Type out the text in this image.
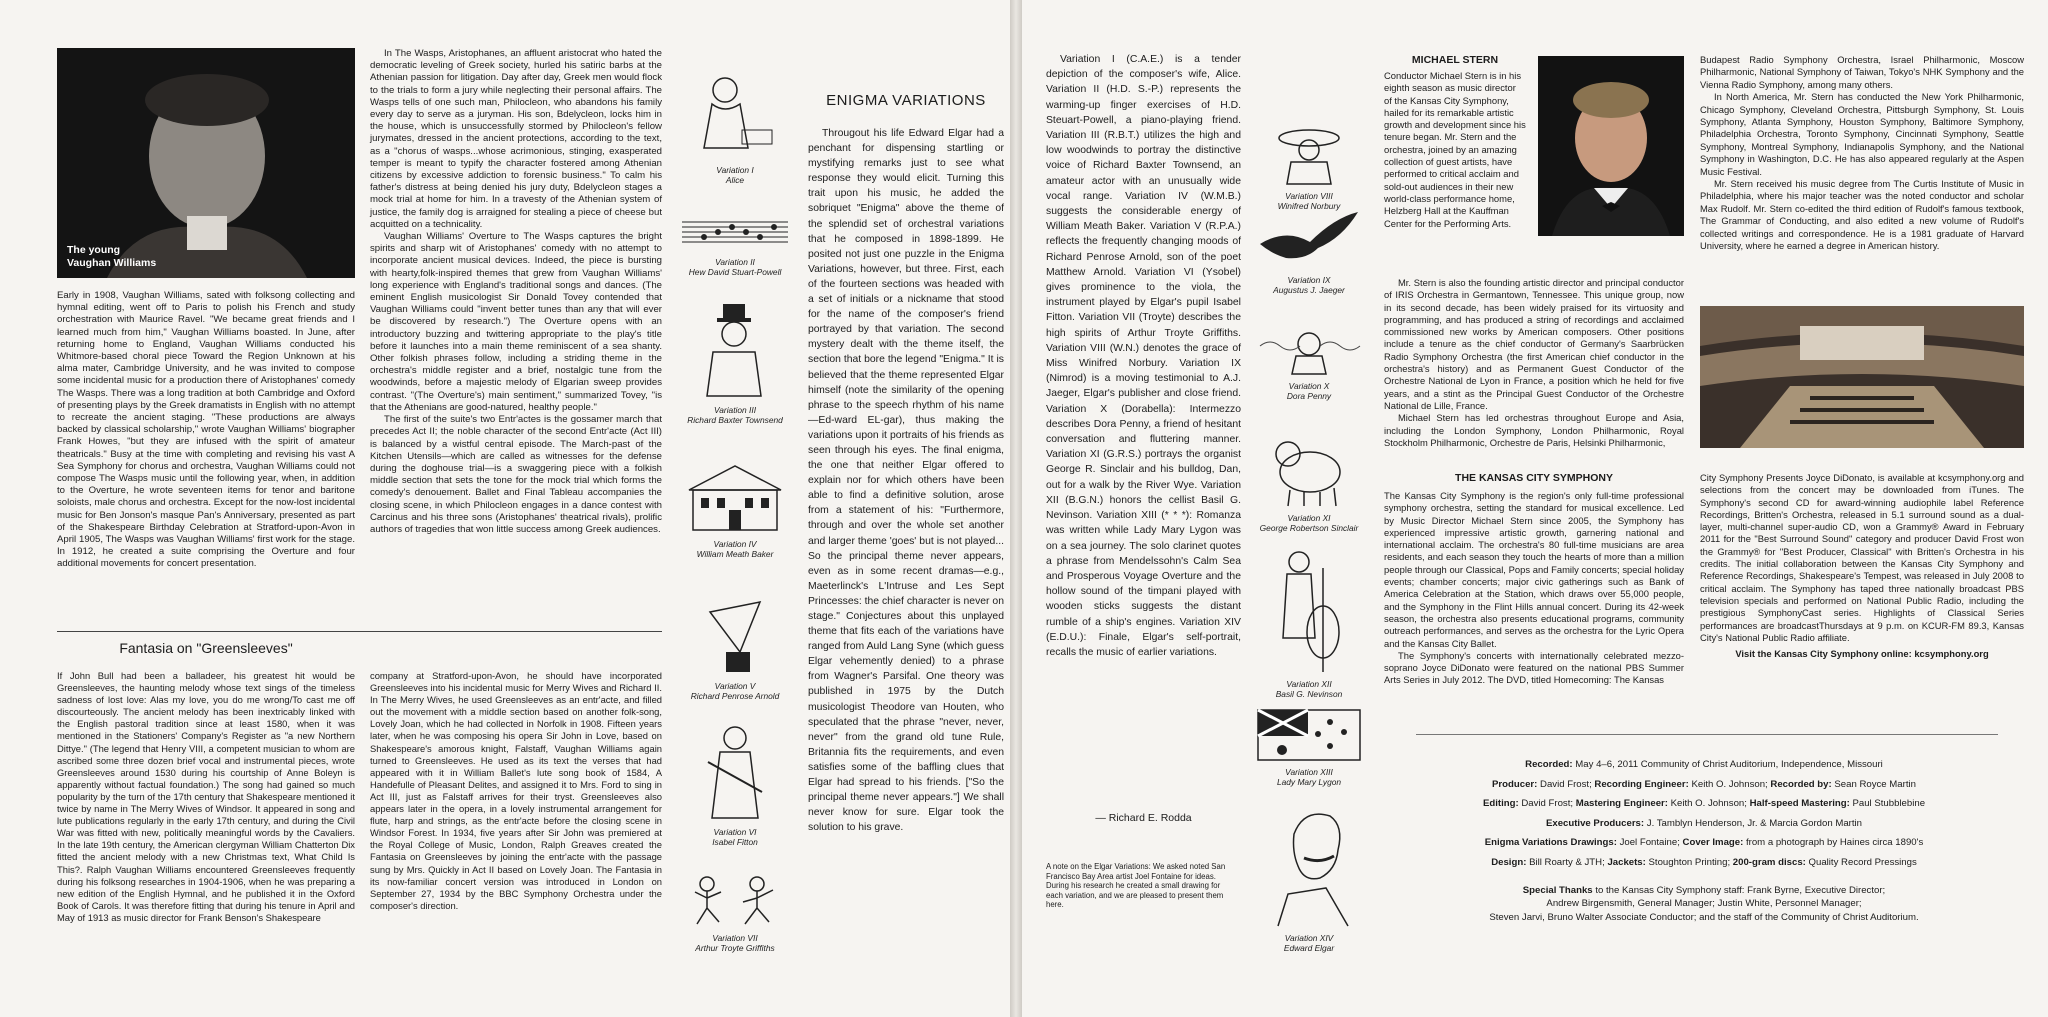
The young
Vaughan Williams

Early in 1908, Vaughan Williams, sated with folksong collecting and hymnal editing, went off to Paris to polish his French and study orchestration with Maurice Ravel. "We became great friends and I learned much from him," Vaughan Williams boasted. In June, after returning home to England, Vaughan Williams conducted his Whitmore-based choral piece Toward the Region Unknown at his alma mater, Cambridge University, and he was invited to compose some incidental music for a production there of Aristophanes' comedy The Wasps. There was a long tradition at both Cambridge and Oxford of presenting plays by the Greek dramatists in English with no attempt to recreate the ancient staging. "These productions are always backed by classical scholarship," wrote Vaughan Williams' biographer Frank Howes, "but they are infused with the spirit of amateur theatricals." Busy at the time with completing and revising his vast A Sea Symphony for chorus and orchestra, Vaughan Williams could not compose The Wasps music until the following year, when, in addition to the Overture, he wrote seventeen items for tenor and baritone soloists, male chorus and orchestra. Except for the now-lost incidental music for Ben Jonson's masque Pan's Anniversary, presented as part of the Shakespeare Birthday Celebration at Stratford-upon-Avon in April 1905, The Wasps was Vaughan Williams' first work for the stage. In 1912, he created a suite comprising the Overture and four additional movements for concert presentation.

In The Wasps, Aristophanes, an affluent aristocrat who hated the democratic leveling of Greek society, hurled his satiric barbs at the Athenian passion for litigation. Day after day, Greek men would flock to the trials to form a jury while neglecting their personal affairs. The Wasps tells of one such man, Philocleon, who abandons his family every day to serve as a juryman. His son, Bdelycleon, locks him in the house, which is unsuccessfully stormed by Philocleon's fellow jurymates, dressed in the ancient protections, according to the text, as a "chorus of wasps...whose acrimonious, stinging, exasperated temper is meant to typify the character fostered among Athenian citizens by excessive addiction to forensic business." To calm his father's distress at being denied his jury duty, Bdelycleon stages a mock trial at home for him. In a travesty of the Athenian system of justice, the family dog is arraigned for stealing a piece of cheese but acquitted on a technicality.

Vaughan Williams' Overture to The Wasps captures the bright spirits and sharp wit of Aristophanes' comedy with no attempt to incorporate ancient musical devices. Indeed, the piece is bursting with hearty,folk-inspired themes that grew from Vaughan Williams' long experience with England's traditional songs and dances. (The eminent English musicologist Sir Donald Tovey contended that Vaughan Williams could "invent better tunes than any that will ever be discovered by research.") The Overture opens with an introductory buzzing and twittering appropriate to the play's title before it launches into a main theme reminiscent of a sea shanty. Other folkish phrases follow, including a striding theme in the orchestra's middle register and a brief, nostalgic tune from the woodwinds, before a majestic melody of Elgarian sweep provides contrast. "(The Overture's) main sentiment," summarized Tovey, "is that the Athenians are good-natured, healthy people."

The first of the suite's two Entr'actes is the gossamer march that precedes Act II; the noble character of the second Entr'acte (Act III) is balanced by a wistful central episode. The March-past of the Kitchen Utensils—which are called as witnesses for the defense during the doghouse trial—is a swaggering piece with a folkish middle section that sets the tone for the mock trial which forms the comedy's denouement. Ballet and Final Tableau accompanies the closing scene, in which Philocleon engages in a dance contest with Carcinus and his three sons (Aristophanes' theatrical rivals), prolific authors of tragedies that won little success among Greek audiences.

Fantasia on "Greensleeves"

If John Bull had been a balladeer, his greatest hit would be Greensleeves, the haunting melody whose text sings of the timeless sadness of lost love: Alas my love, you do me wrong/To cast me off discourteously. The ancient melody has been inextricably linked with the English pastoral tradition since at least 1580, when it was mentioned in the Stationers' Company's Register as "a new Northern Dittye." (The legend that Henry VIII, a competent musician to whom are ascribed some three dozen brief vocal and instrumental pieces, wrote Greensleeves around 1530 during his courtship of Anne Boleyn is apparently without factual foundation.) The song had gained so much popularity by the turn of the 17th century that Shakespeare mentioned it twice by name in The Merry Wives of Windsor. It appeared in song and lute publications regularly in the early 17th century, and during the Civil War was fitted with new, politically meaningful words by the Cavaliers. In the late 19th century, the American clergyman William Chatterton Dix fitted the ancient melody with a new Christmas text, What Child Is This?. Ralph Vaughan Williams encountered Greensleeves frequently during his folksong researches in 1904-1906, when he was preparing a new edition of the English Hymnal, and he published it in the Oxford Book of Carols. It was therefore fitting that during his tenure in April and May of 1913 as music director for Frank Benson's Shakespeare

company at Stratford-upon-Avon, he should have incorporated Greensleeves into his incidental music for Merry Wives and Richard II. In The Merry Wives, he used Greensleeves as an entr'acte, and filled out the movement with a middle section based on another folk-song, Lovely Joan, which he had collected in Norfolk in 1908. Fifteen years later, when he was composing his opera Sir John in Love, based on Shakespeare's amorous knight, Falstaff, Vaughan Williams again turned to Greensleeves. He used as its text the verses that had appeared with it in William Ballet's lute song book of 1584, A Handefulle of Pleasant Delites, and assigned it to Mrs. Ford to sing in Act III, just as Falstaff arrives for their tryst. Greensleeves also appears later in the opera, in a lovely instrumental arrangement for flute, harp and strings, as the entr'acte before the closing scene in Windsor Forest. In 1934, five years after Sir John was premiered at the Royal College of Music, London, Ralph Greaves created the Fantasia on Greensleeves by joining the entr'acte with the passage sung by Mrs. Quickly in Act II based on Lovely Joan. The Fantasia in its now-familiar concert version was introduced in London on September 27, 1934 by the BBC Symphony Orchestra under the composer's direction.

Variation I
Alice
Variation II
Hew David Stuart-Powell
Variation III
Richard Baxter Townsend
Variation IV
William Meath Baker
Variation V
Richard Penrose Arnold
Variation VI
Isabel Fitton
Variation VII
Arthur Troyte Griffiths
ENIGMA VARIATIONS

Througout his life Edward Elgar had a penchant for dispensing startling or mystifying remarks just to see what response they would elicit. Turning this trait upon his music, he added the sobriquet "Enigma" above the theme of the splendid set of orchestral variations that he composed in 1898-1899. He posited not just one puzzle in the Enigma Variations, however, but three. First, each of the fourteen sections was headed with a set of initials or a nickname that stood for the name of the composer's friend portrayed by that variation. The second mystery dealt with the theme itself, the section that bore the legend "Enigma." It is believed that the theme represented Elgar himself (note the similarity of the opening phrase to the speech rhythm of his name—Ed-ward EL-gar), thus making the variations upon it portraits of his friends as seen through his eyes. The final enigma, the one that neither Elgar offered to explain nor for which others have been able to find a definitive solution, arose from a statement of his: "Furthermore, through and over the whole set another and larger theme 'goes' but is not played... So the principal theme never appears, even as in some recent dramas—e.g., Maeterlinck's L'Intruse and Les Sept Princesses: the chief character is never on stage." Conjectures about this unplayed theme that fits each of the variations have ranged from Auld Lang Syne (which guess Elgar vehemently denied) to a phrase from Wagner's Parsifal. One theory was published in 1975 by the Dutch musicologist Theodore van Houten, who speculated that the phrase "never, never, never" from the grand old tune Rule, Britannia fits the requirements, and even satisfies some of the baffling clues that Elgar had spread to his friends. ["So the principal theme never appears."] We shall never know for sure. Elgar took the solution to his grave.

Variation I (C.A.E.) is a tender depiction of the composer's wife, Alice. Variation II (H.D. S.-P.) represents the warming-up finger exercises of H.D. Steuart-Powell, a piano-playing friend. Variation III (R.B.T.) utilizes the high and low woodwinds to portray the distinctive voice of Richard Baxter Townsend, an amateur actor with an unusually wide vocal range. Variation IV (W.M.B.) suggests the considerable energy of William Meath Baker. Variation V (R.P.A.) reflects the frequently changing moods of Richard Penrose Arnold, son of the poet Matthew Arnold. Variation VI (Ysobel) gives prominence to the viola, the instrument played by Elgar's pupil Isabel Fitton. Variation VII (Troyte) describes the high spirits of Arthur Troyte Griffiths. Variation VIII (W.N.) denotes the grace of Miss Winifred Norbury. Variation IX (Nimrod) is a moving testimonial to A.J. Jaeger, Elgar's publisher and close friend. Variation X (Dorabella): Intermezzo describes Dora Penny, a friend of hesitant conversation and fluttering manner. Variation XI (G.R.S.) portrays the organist George R. Sinclair and his bulldog, Dan, out for a walk by the River Wye. Variation XII (B.G.N.) honors the cellist Basil G. Nevinson. Variation XIII (* * *): Romanza was written while Lady Mary Lygon was on a sea journey. The solo clarinet quotes a phrase from Mendelssohn's Calm Sea and Prosperous Voyage Overture and the hollow sound of the timpani played with wooden sticks suggests the distant rumble of a ship's engines. Variation XIV (E.D.U.): Finale, Elgar's self-portrait, recalls the music of earlier variations.

— Richard E. Rodda
A note on the Elgar Variations: We asked noted San Francisco Bay Area artist Joel Fontaine for ideas. During his research he created a small drawing for each variation, and we are pleased to present them here.
Variation VIII
Winifred Norbury
Variation IX
Augustus J. Jaeger
Variation X
Dora Penny
Variation XI
George Robertson Sinclair
Variation XII
Basil G. Nevinson
Variation XIII
Lady Mary Lygon
Variation XIV
Edward Elgar
MICHAEL STERN

Conductor Michael Stern is in his eighth season as music director of the Kansas City Symphony, hailed for its remarkable artistic growth and development since his tenure began. Mr. Stern and the orchestra, joined by an amazing collection of guest artists, have performed to critical acclaim and sold-out audiences in their new world-class performance home, Helzberg Hall at the Kauffman Center for the Performing Arts.

Mr. Stern is also the founding artistic director and principal conductor of IRIS Orchestra in Germantown, Tennessee. This unique group, now in its second decade, has been widely praised for its virtuosity and programming, and has produced a string of recordings and acclaimed commissioned new works by American composers. Other positions include a tenure as the chief conductor of Germany's Saarbrücken Radio Symphony Orchestra (the first American chief conductor in the orchestra's history) and as Permanent Guest Conductor of the Orchestre National de Lyon in France, a position which he held for five years, and a stint as the Principal Guest Conductor of the Orchestre National de Lille, France.

Michael Stern has led orchestras throughout Europe and Asia, including the London Symphony, London Philharmonic, Royal Stockholm Philharmonic, Orchestre de Paris, Helsinki Philharmonic,

Budapest Radio Symphony Orchestra, Israel Philharmonic, Moscow Philharmonic, National Symphony of Taiwan, Tokyo's NHK Symphony and the Vienna Radio Symphony, among many others.

In North America, Mr. Stern has conducted the New York Philharmonic, Chicago Symphony, Cleveland Orchestra, Pittsburgh Symphony, St. Louis Symphony, Atlanta Symphony, Houston Symphony, Baltimore Symphony, Philadelphia Orchestra, Toronto Symphony, Cincinnati Symphony, Seattle Symphony, Montreal Symphony, Indianapolis Symphony, and the National Symphony in Washington, D.C. He has also appeared regularly at the Aspen Music Festival.

Mr. Stern received his music degree from The Curtis Institute of Music in Philadelphia, where his major teacher was the noted conductor and scholar Max Rudolf. Mr. Stern co-edited the third edition of Rudolf's famous textbook, The Grammar of Conducting, and also edited a new volume of Rudolf's collected writings and correspondence. He is a 1981 graduate of Harvard University, where he earned a degree in American history.

THE KANSAS CITY SYMPHONY

The Kansas City Symphony is the region's only full-time professional symphony orchestra, setting the standard for musical excellence. Led by Music Director Michael Stern since 2005, the Symphony has experienced impressive artistic growth, garnering national and international acclaim. The orchestra's 80 full-time musicians are area residents, and each season they touch the hearts of more than a million people through our Classical, Pops and Family concerts; special holiday events; chamber concerts; major civic gatherings such as Bank of America Celebration at the Station, which draws over 55,000 people, and the Symphony in the Flint Hills annual concert. During its 42-week season, the orchestra also presents educational programs, community outreach performances, and serves as the orchestra for the Lyric Opera and the Kansas City Ballet.

The Symphony's concerts with internationally celebrated mezzo-soprano Joyce DiDonato were featured on the national PBS Summer Arts Series in July 2012. The DVD, titled Homecoming: The Kansas

City Symphony Presents Joyce DiDonato, is available at kcsymphony.org and selections from the concert may be downloaded from iTunes. The Symphony's second CD for award-winning audiophile label Reference Recordings, Britten's Orchestra, released in 5.1 surround sound as a dual-layer, multi-channel super-audio CD, won a Grammy® Award in February 2011 for the "Best Surround Sound" category and producer David Frost won the Grammy® for "Best Producer, Classical" with Britten's Orchestra in his credits. The initial collaboration between the Kansas City Symphony and Reference Recordings, Shakespeare's Tempest, was released in July 2008 to critical acclaim. The Symphony has taped three nationally broadcast PBS television specials and performed on National Public Radio, including the prestigious SymphonyCast series. Highlights of Classical Series performances are broadcastThursdays at 9 p.m. on KCUR-FM 89.3, Kansas City's National Public Radio affiliate.

Visit the Kansas City Symphony online: kcsymphony.org

Recorded: May 4–6, 2011 Community of Christ Auditorium, Independence, Missouri
Producer: David Frost; Recording Engineer: Keith O. Johnson; Recorded by: Sean Royce Martin
Editing: David Frost; Mastering Engineer: Keith O. Johnson; Half-speed Mastering: Paul Stubblebine
Executive Producers: J. Tamblyn Henderson, Jr. & Marcia Gordon Martin
Enigma Variations Drawings: Joel Fontaine; Cover Image: from a photograph by Haines circa 1890's
Design: Bill Roarty & JTH; Jackets: Stoughton Printing; 200-gram discs: Quality Record Pressings
Special Thanks to the Kansas City Symphony staff: Frank Byrne, Executive Director;
Andrew Birgensmith, General Manager; Justin White, Personnel Manager;
Steven Jarvi, Bruno Walter Associate Conductor; and the staff of the Community of Christ Auditorium.
